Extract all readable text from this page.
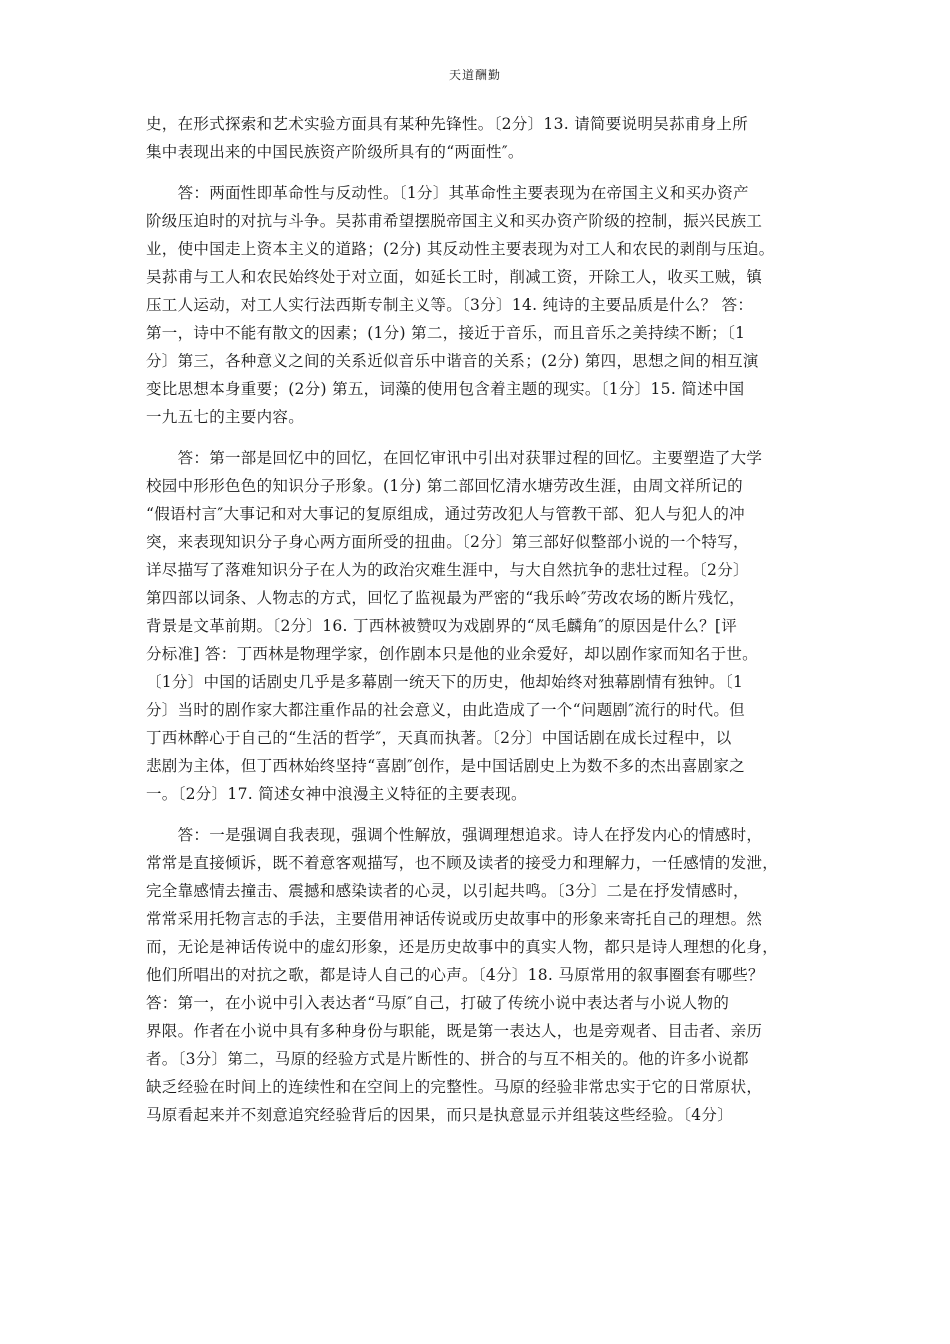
天道酬勤
史，在形式探索和艺术实验方面具有某种先锋性。〔2分〕13. 请简要说明吴荪甫身上所
集中表现出来的中国民族资产阶级所具有的“两面性″。
　　答：两面性即革命性与反动性。〔1分〕其革命性主要表现为在帝国主义和买办资产
阶级压迫时的对抗与斗争。吴荪甫希望摆脱帝国主义和买办资产阶级的控制，振兴民族工
业，使中国走上资本主义的道路；(2分) 其反动性主要表现为对工人和农民的剥削与压迫。
吴荪甫与工人和农民始终处于对立面，如延长工时，削减工资，开除工人，收买工贼，镇
压工人运动，对工人实行法西斯专制主义等。〔3分〕14. 纯诗的主要品质是什么？ 答：
第一，诗中不能有散文的因素；(1分) 第二，接近于音乐，而且音乐之美持续不断；〔1
分〕第三，各种意义之间的关系近似音乐中谐音的关系；(2分) 第四，思想之间的相互演
变比思想本身重要；(2分) 第五，词藻的使用包含着主题的现实。〔1分〕15. 简述中国
一九五七的主要内容。
　　答：第一部是回忆中的回忆，在回忆审讯中引出对获罪过程的回忆。主要塑造了大学
校园中形形色色的知识分子形象。(1分) 第二部回忆清水塘劳改生涯，由周文祥所记的
“假语村言″大事记和对大事记的复原组成，通过劳改犯人与管教干部、犯人与犯人的冲
突，来表现知识分子身心两方面所受的扭曲。〔2分〕第三部好似整部小说的一个特写，
详尽描写了落难知识分子在人为的政治灾难生涯中，与大自然抗争的悲壮过程。〔2分〕
第四部以词条、人物志的方式，回忆了监视最为严密的“我乐岭″劳改农场的断片残忆，
背景是文革前期。〔2分〕16. 丁西林被赞叹为戏剧界的“凤毛麟角″的原因是什么？[评
分标准] 答：丁西林是物理学家，创作剧本只是他的业余爱好，却以剧作家而知名于世。
〔1分〕中国的话剧史几乎是多幕剧一统天下的历史，他却始终对独幕剧情有独钟。〔1
分〕当时的剧作家大都注重作品的社会意义，由此造成了一个“问题剧″流行的时代。但
丁西林醉心于自己的“生活的哲学″，天真而执著。〔2分〕中国话剧在成长过程中，以
悲剧为主体，但丁西林始终坚持“喜剧″创作，是中国话剧史上为数不多的杰出喜剧家之
一。〔2分〕17. 简述女神中浪漫主义特征的主要表现。
　　答：一是强调自我表现，强调个性解放，强调理想追求。诗人在抒发内心的情感时，
常常是直接倾诉，既不着意客观描写，也不顾及读者的接受力和理解力，一任感情的发泄，
完全靠感情去撞击、震撼和感染读者的心灵，以引起共鸣。〔3分〕二是在抒发情感时，
常常采用托物言志的手法，主要借用神话传说或历史故事中的形象来寄托自己的理想。然
而，无论是神话传说中的虚幻形象，还是历史故事中的真实人物，都只是诗人理想的化身，
他们所唱出的对抗之歌，都是诗人自己的心声。〔4分〕18. 马原常用的叙事圈套有哪些？
答：第一，在小说中引入表达者“马原″自己，打破了传统小说中表达者与小说人物的
界限。作者在小说中具有多种身份与职能，既是第一表达人，也是旁观者、目击者、亲历
者。〔3分〕第二，马原的经验方式是片断性的、拼合的与互不相关的。他的许多小说都
缺乏经验在时间上的连续性和在空间上的完整性。马原的经验非常忠实于它的日常原状，
马原看起来并不刻意追究经验背后的因果，而只是执意显示并组装这些经验。〔4分〕
